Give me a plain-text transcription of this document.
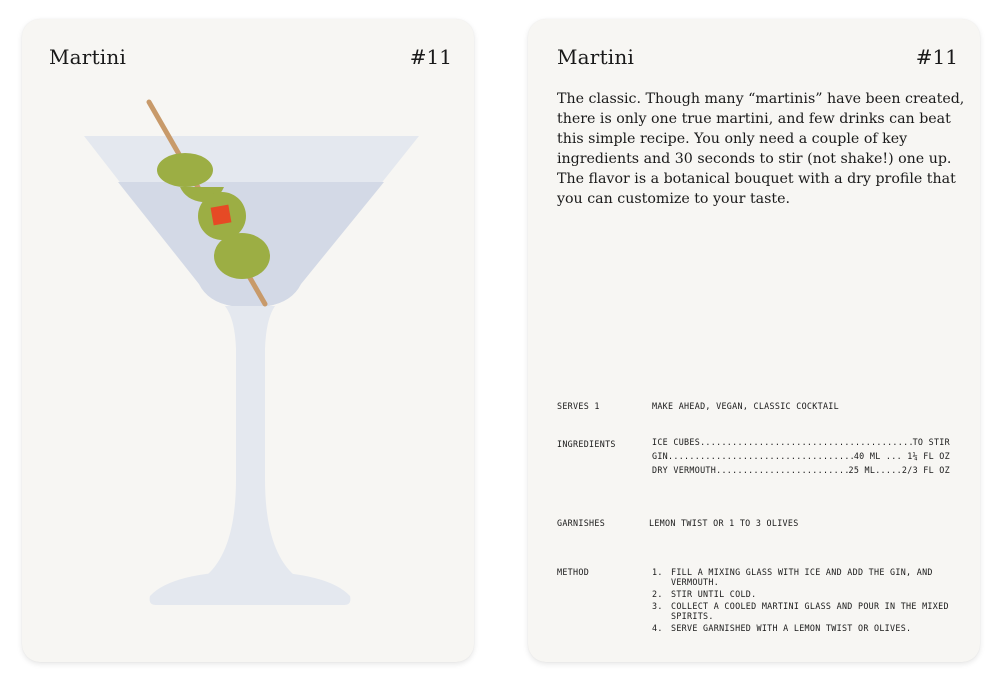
Martini	#11	Martini	#11

The classic. Though many “martinis” have been created, there is only one true martini, and few drinks can beat this simple recipe. You only need a couple of key ingredients and 30 seconds to stir (not shake!) one up. The flavor is a botanical bouquet with a dry profile that you can customize to your taste.

SERVES 1	MAKE AHEAD, VEGAN, CLASSIC COCKTAIL
INGREDIENTS	ICE CUBES .....	TO STIR
GIN .....	40 ML ... 1¼ FL OZ
DRY VERMOUTH .....	25 ML.....2/3 FL OZ
GARNISHES	LEMON TWIST OR 1 TO 3 OLIVES
METHOD	1. FILL A MIXING GLASS WITH ICE AND ADD THE GIN, AND VERMOUTH.
2. STIR UNTIL COLD.
3. COLLECT A COOLED MARTINI GLASS AND POUR IN THE MIXED SPIRITS.
4. SERVE GARNISHED WITH A LEMON TWIST OR OLIVES.
